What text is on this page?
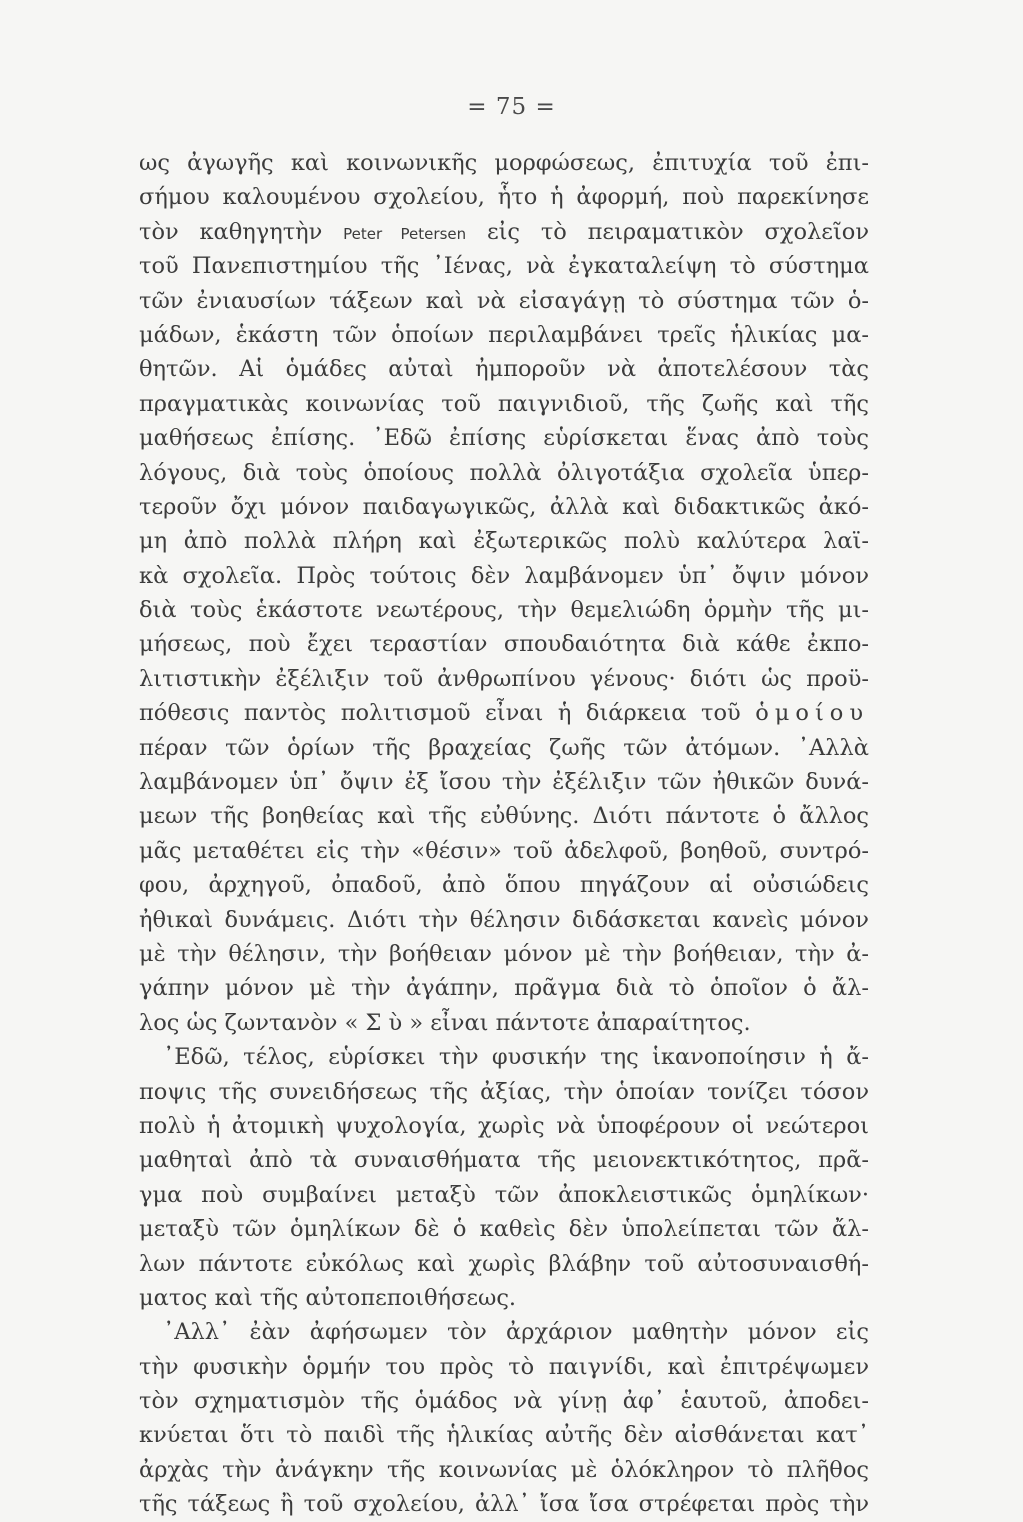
= 75 =
ως ἀγωγῆς καὶ κοινωνικῆς μορφώσεως, ἐπιτυχία τοῦ ἐπι-
σήμου καλουμένου σχολείου, ἧτο ἡ ἀφορμή, ποὺ παρεκίνησε
τὸν καθηγητὴν Peter Petersen εἰς τὸ πειραματικὸν σχολεῖον
τοῦ Πανεπιστημίου τῆς ᾿Ιένας, νὰ ἐγκαταλείψη τὸ σύστημα
τῶν ἐνιαυσίων τάξεων καὶ νὰ εἰσαγάγῃ τὸ σύστημα τῶν ὁ-
μάδων, ἑκάστη τῶν ὁποίων περιλαμβάνει τρεῖς ἡλικίας μα-
θητῶν. Αἱ ὁμάδες αὐταὶ ἠμποροῦν νὰ ἀποτελέσουν τὰς
πραγματικὰς κοινωνίας τοῦ παιγνιδιοῦ, τῆς ζωῆς καὶ τῆς
μαθήσεως ἐπίσης. ᾿Εδῶ ἐπίσης εὑρίσκεται ἕνας ἀπὸ τοὺς
λόγους, διὰ τοὺς ὁποίους πολλὰ ὀλιγοτάξια σχολεῖα ὑπερ-
τεροῦν ὄχι μόνον παιδαγωγικῶς, ἀλλὰ καὶ διδακτικῶς ἀκό-
μη ἀπὸ πολλὰ πλήρη καὶ ἐξωτερικῶς πολὺ καλύτερα λαϊ-
κὰ σχολεῖα. Πρὸς τούτοις δὲν λαμβάνομεν ὑπ᾿ ὄψιν μόνον
διὰ τοὺς ἑκάστοτε νεωτέρους, τὴν θεμελιώδη ὁρμὴν τῆς μι-
μήσεως, ποὺ ἔχει τεραστίαν σπουδαιότητα διὰ κάθε ἐκπο-
λιτιστικὴν ἐξέλιξιν τοῦ ἀνθρωπίνου γένους· διότι ὡς προϋ-
πόθεσις παντὸς πολιτισμοῦ εἶναι ἡ διάρκεια τοῦ ὁμοίου
πέραν τῶν ὁρίων τῆς βραχείας ζωῆς τῶν ἀτόμων. ᾿Αλλὰ
λαμβάνομεν ὑπ᾿ ὄψιν ἐξ ἴσου τὴν ἐξέλιξιν τῶν ἠθικῶν δυνά-
μεων τῆς βοηθείας καὶ τῆς εὐθύνης. Διότι πάντοτε ὁ ἄλλος
μᾶς μεταθέτει εἰς τὴν «θέσιν» τοῦ ἀδελφοῦ, βοηθοῦ, συντρό-
φου, ἀρχηγοῦ, ὀπαδοῦ, ἀπὸ ὅπου πηγάζουν αἱ οὐσιώδεις
ἠθικαὶ δυνάμεις. Διότι τὴν θέλησιν διδάσκεται κανεὶς μόνον
μὲ τὴν θέλησιν, τὴν βοήθειαν μόνον μὲ τὴν βοήθειαν, τὴν ἀ-
γάπην μόνον μὲ τὴν ἀγάπην, πρᾶγμα διὰ τὸ ὁποῖον ὁ ἄλ-
λος ὡς ζωντανὸν « Σ ὺ » εἶναι πάντοτε ἀπαραίτητος.
᾿Εδῶ, τέλος, εὑρίσκει τὴν φυσικήν της ἱκανοποίησιν ἡ ἄ-
ποψις τῆς συνειδήσεως τῆς ἀξίας, τὴν ὁποίαν τονίζει τόσον
πολὺ ἡ ἀτομικὴ ψυχολογία, χωρὶς νὰ ὑποφέρουν οἱ νεώτεροι
μαθηταὶ ἀπὸ τὰ συναισθήματα τῆς μειονεκτικότητος, πρᾶ-
γμα ποὺ συμβαίνει μεταξὺ τῶν ἀποκλειστικῶς ὁμηλίκων·
μεταξὺ τῶν ὁμηλίκων δὲ ὁ καθεὶς δὲν ὑπολείπεται τῶν ἄλ-
λων πάντοτε εὐκόλως καὶ χωρὶς βλάβην τοῦ αὐτοσυναισθή-
ματος καὶ τῆς αὐτοπεποιθήσεως.
᾿Αλλ᾿ ἐὰν ἀφήσωμεν τὸν ἀρχάριον μαθητὴν μόνον εἰς
τὴν φυσικὴν ὁρμήν του πρὸς τὸ παιγνίδι, καὶ ἐπιτρέψωμεν
τὸν σχηματισμὸν τῆς ὁμάδος νὰ γίνῃ ἀφ᾿ ἑαυτοῦ, ἀποδει-
κνύεται ὅτι τὸ παιδὶ τῆς ἡλικίας αὐτῆς δὲν αἰσθάνεται κατ᾿
ἀρχὰς τὴν ἀνάγκην τῆς κοινωνίας μὲ ὁλόκληρον τὸ πλῆθος
τῆς τάξεως ἢ τοῦ σχολείου, ἀλλ᾿ ἴσα ἴσα στρέφεται πρὸς τὴν
